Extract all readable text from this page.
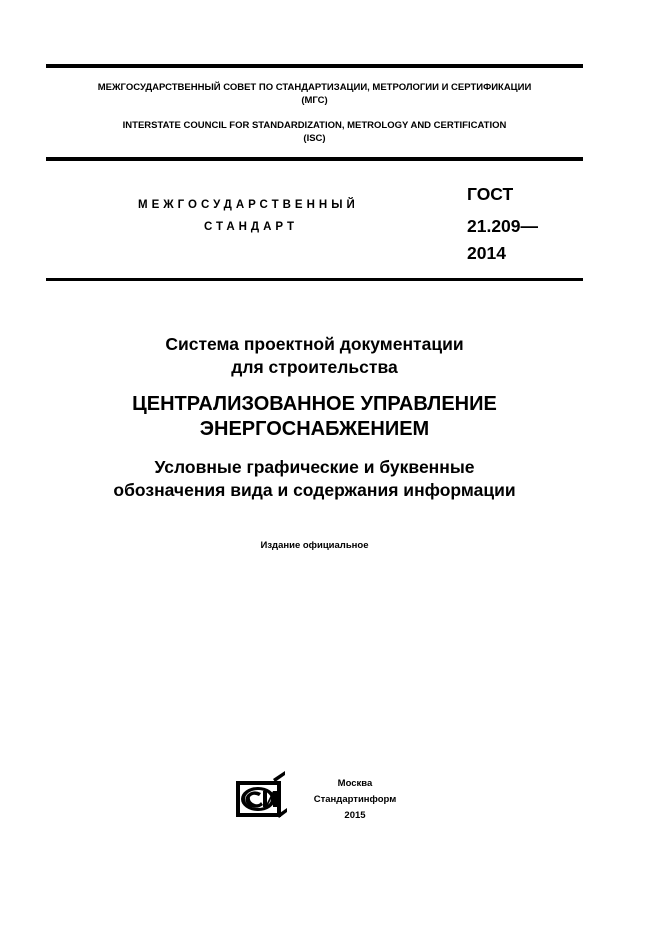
МЕЖГОСУДАРСТВЕННЫЙ СОВЕТ ПО СТАНДАРТИЗАЦИИ, МЕТРОЛОГИИ И СЕРТИФИКАЦИИ
(МГС)
INTERSTATE COUNCIL FOR STANDARDIZATION, METROLOGY AND CERTIFICATION
(ISC)
МЕЖГОСУДАРСТВЕННЫЙ
СТАНДАРТ
ГОСТ
21.209—
2014
Система проектной документации
для строительства
ЦЕНТРАЛИЗОВАННОЕ УПРАВЛЕНИЕ
ЭНЕРГОСНАБЖЕНИЕМ
Условные графические и буквенные
обозначения вида и содержания информации
Издание официальное
Москва
Стандартинформ
2015
